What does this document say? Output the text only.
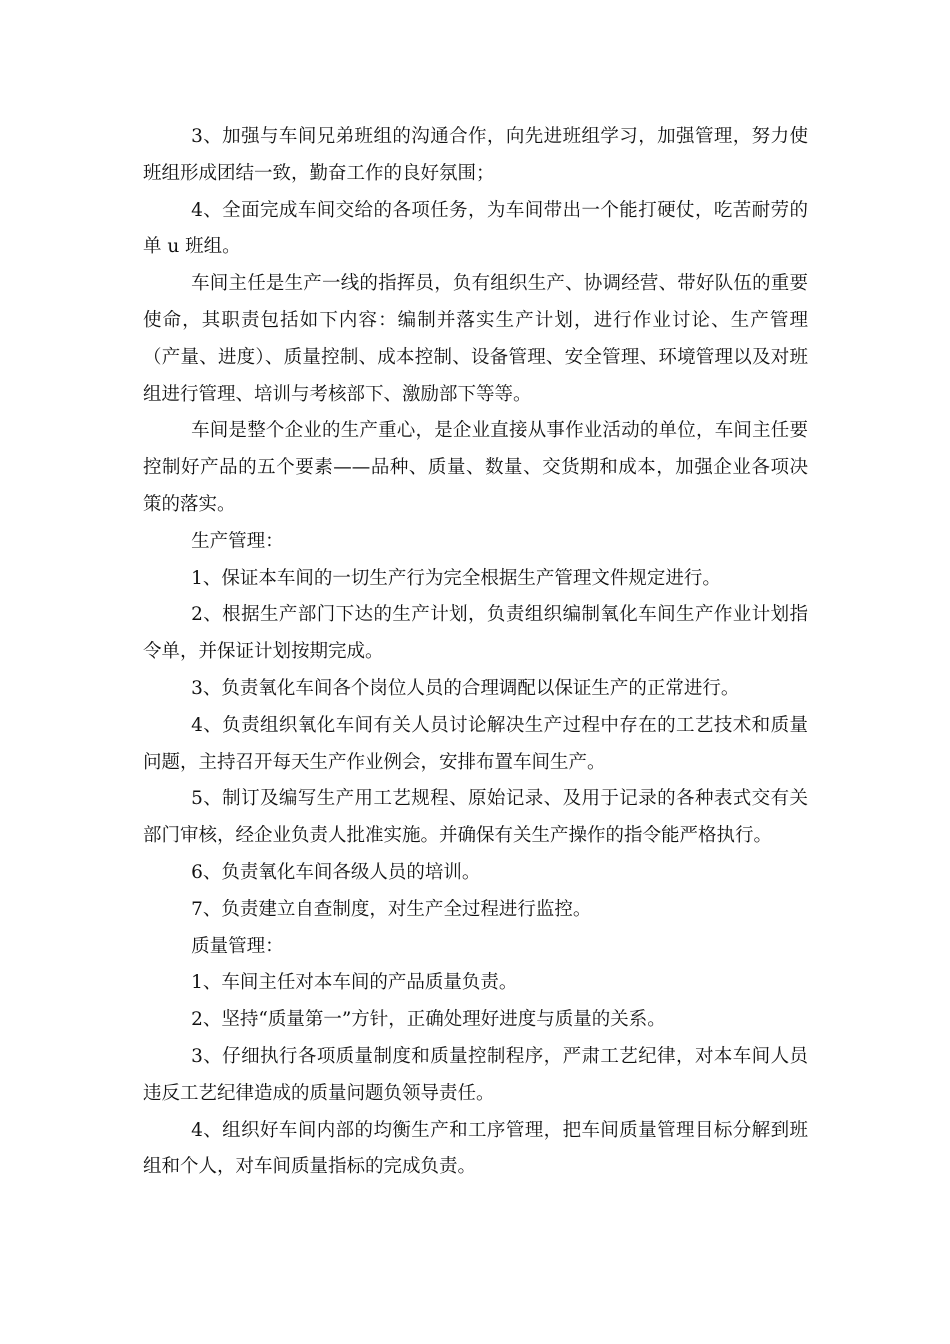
3、加强与车间兄弟班组的沟通合作，向先进班组学习，加强管理，努力使班组形成团结一致，勤奋工作的良好氛围；

4、全面完成车间交给的各项任务，为车间带出一个能打硬仗，吃苦耐劳的单 u 班组。

车间主任是生产一线的指挥员，负有组织生产、协调经营、带好队伍的重要使命，其职责包括如下内容：编制并落实生产计划，进行作业讨论、生产管理（产量、进度）、质量控制、成本控制、设备管理、安全管理、环境管理以及对班组进行管理、培训与考核部下、激励部下等等。

车间是整个企业的生产重心，是企业直接从事作业活动的单位，车间主任要控制好产品的五个要素——品种、质量、数量、交货期和成本，加强企业各项决策的落实。

生产管理：

1、保证本车间的一切生产行为完全根据生产管理文件规定进行。

2、根据生产部门下达的生产计划，负责组织编制氧化车间生产作业计划指令单，并保证计划按期完成。

3、负责氧化车间各个岗位人员的合理调配以保证生产的正常进行。

4、负责组织氧化车间有关人员讨论解决生产过程中存在的工艺技术和质量问题，主持召开每天生产作业例会，安排布置车间生产。

5、制订及编写生产用工艺规程、原始记录、及用于记录的各种表式交有关部门审核，经企业负责人批准实施。并确保有关生产操作的指令能严格执行。

6、负责氧化车间各级人员的培训。

7、负责建立自查制度，对生产全过程进行监控。

质量管理：

1、车间主任对本车间的产品质量负责。

2、坚持“质量第一”方针，正确处理好进度与质量的关系。

3、仔细执行各项质量制度和质量控制程序，严肃工艺纪律，对本车间人员违反工艺纪律造成的质量问题负领导责任。

4、组织好车间内部的均衡生产和工序管理，把车间质量管理目标分解到班组和个人，对车间质量指标的完成负责。
